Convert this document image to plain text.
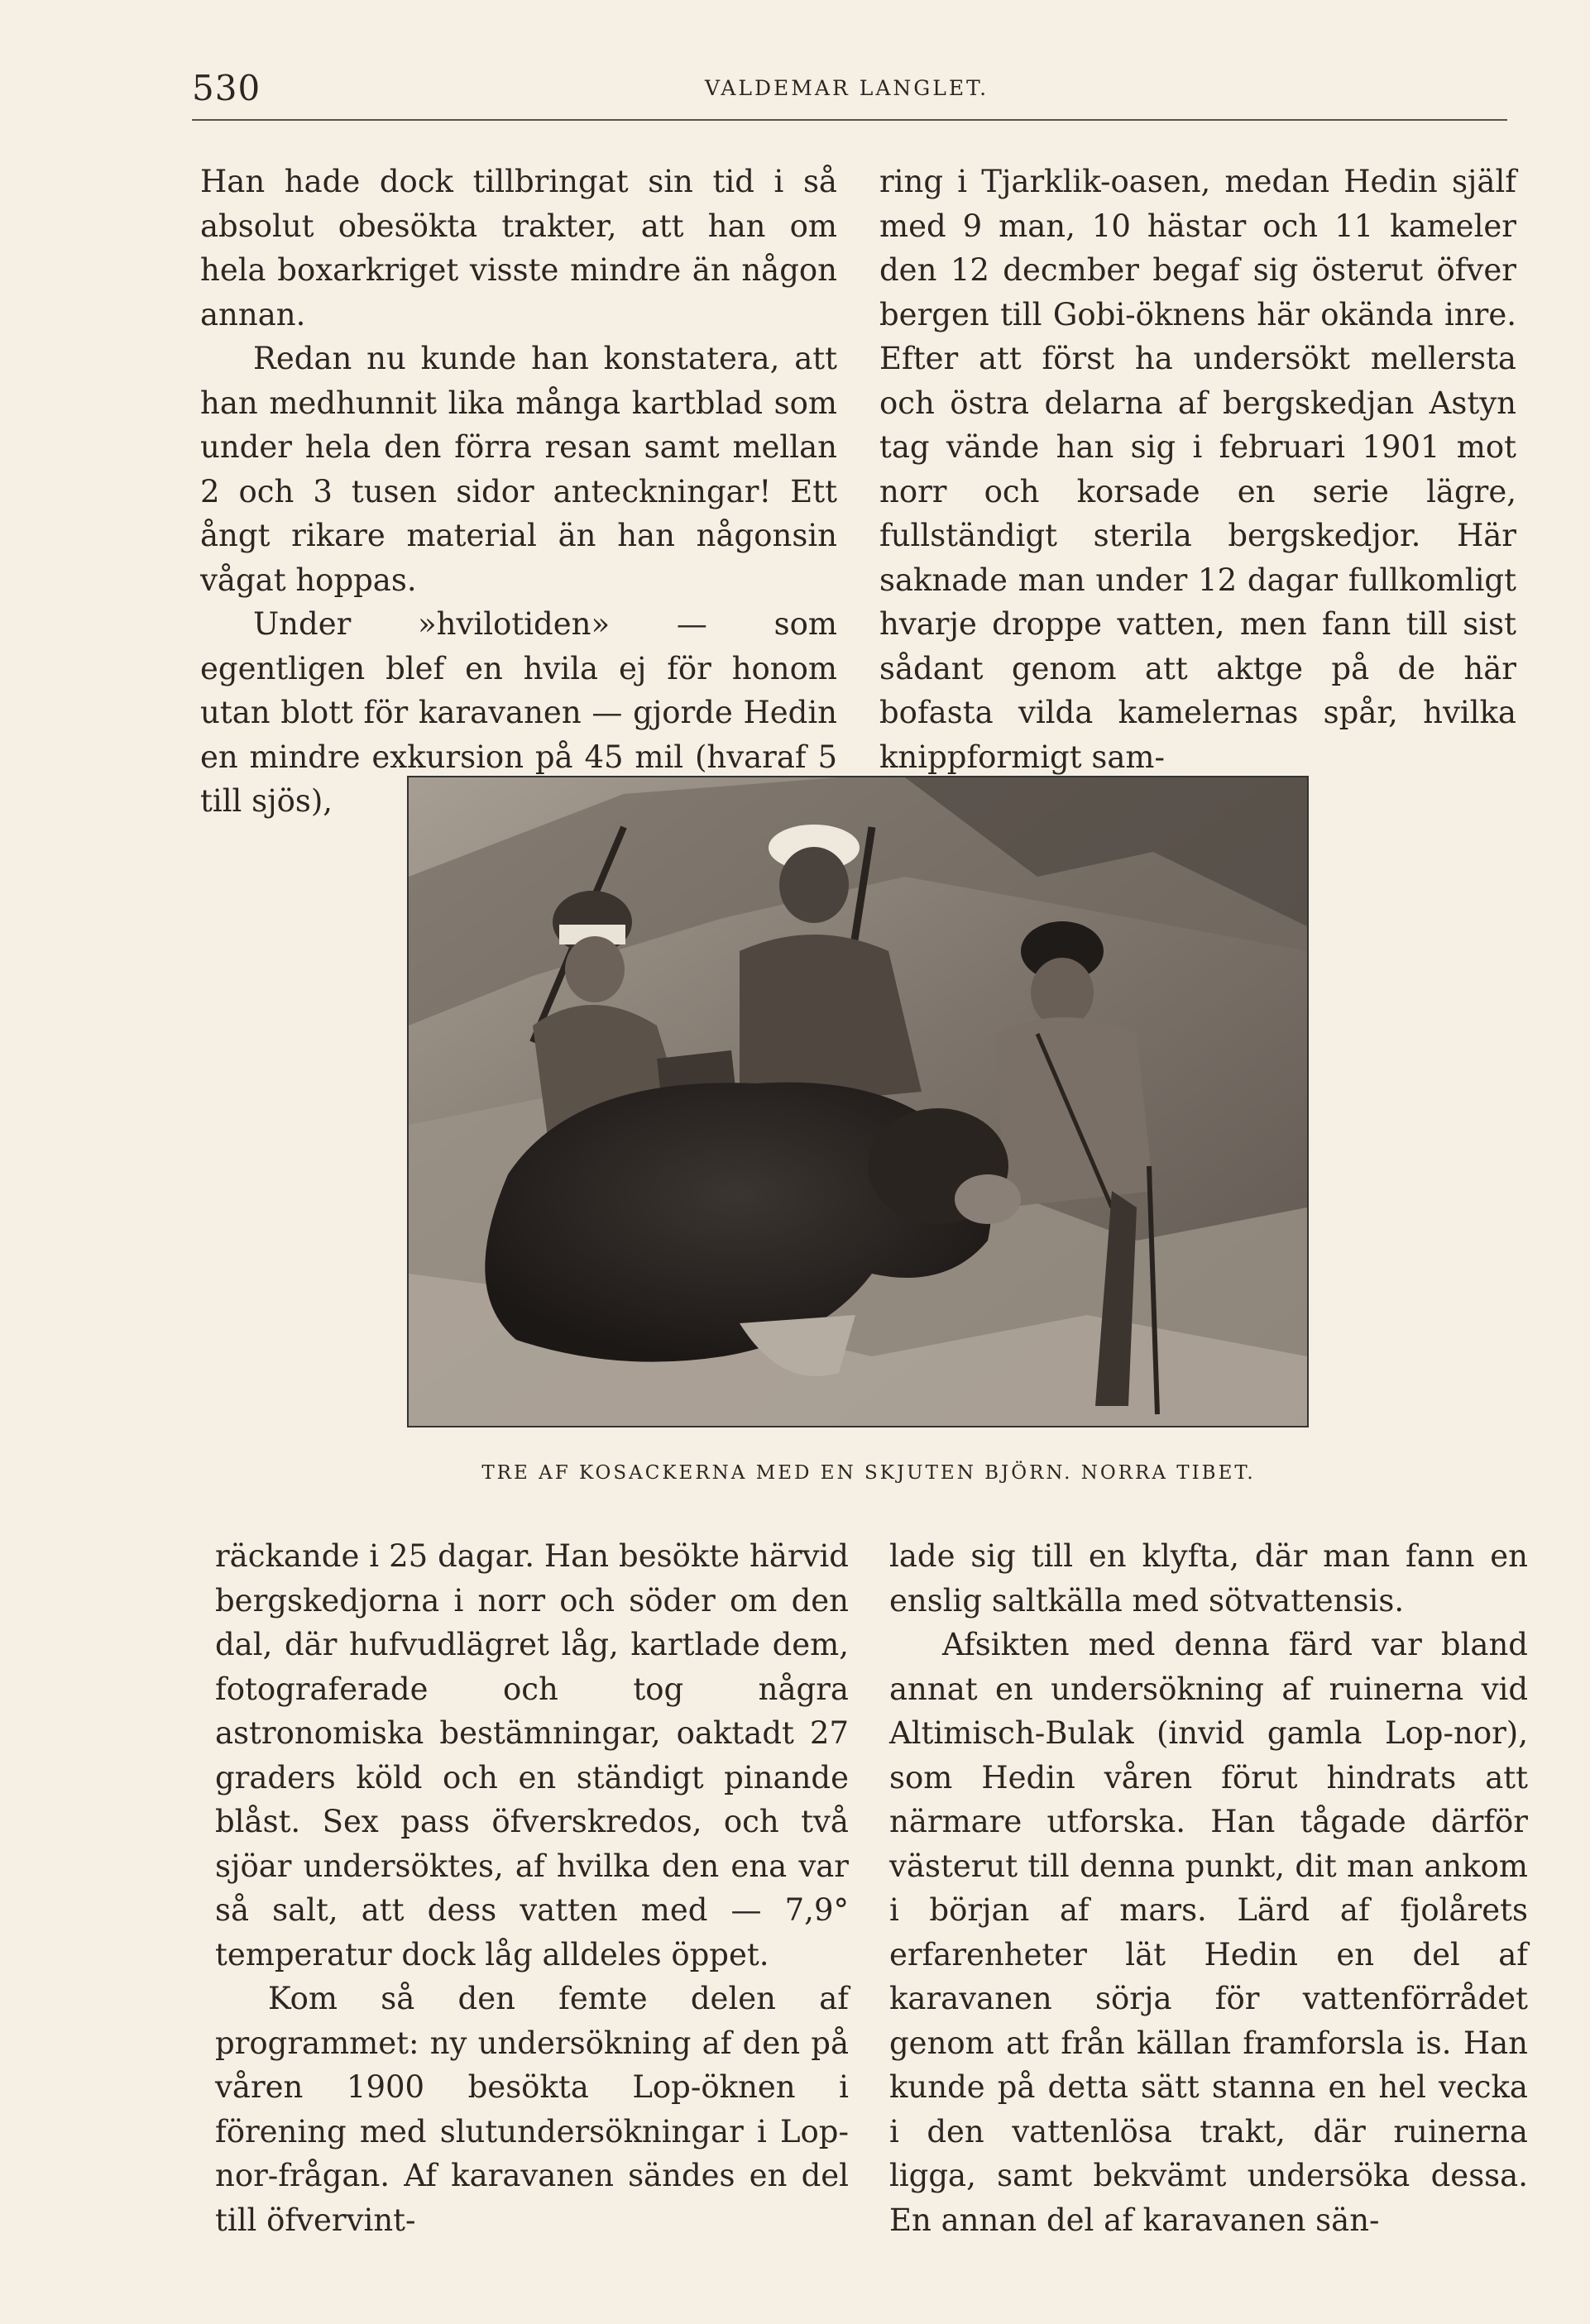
530	VALDEMAR LANGLET.

Han hade dock tillbringat sin tid i så absolut obesökta trakter, att han om hela boxarkriget visste mindre än någon annan.

Redan nu kunde han konstatera, att han medhunnit lika många kartblad som under hela den förra resan samt mellan 2 och 3 tusen sidor anteckningar! Ett ångt rikare material än han någonsin vågat hoppas.

Under »hvilotiden» — som egentligen blef en hvila ej för honom utan blott för karavanen — gjorde Hedin en mindre exkursion på 45 mil (hvaraf 5 till sjös),

ring i Tjarklik-oasen, medan Hedin själf med 9 man, 10 hästar och 11 kameler den 12 decmber begaf sig österut öfver bergen till Gobi-öknens här okända inre. Efter att först ha undersökt mellersta och östra delarna af bergskedjan Astyn tag vände han sig i februari 1901 mot norr och korsade en serie lägre, fullständigt sterila bergskedjor. Här saknade man under 12 dagar fullkomligt hvarje droppe vatten, men fann till sist sådant genom att aktge på de här bofasta vilda kamelernas spår, hvilka knippformigt sam-

TRE AF KOSACKERNA MED EN SKJUTEN BJÖRN. NORRA TIBET.

räckande i 25 dagar. Han besökte härvid bergskedjorna i norr och söder om den dal, där hufvudlägret låg, kartlade dem, fotograferade och tog några astronomiska bestämningar, oaktadt 27 graders köld och en ständigt pinande blåst. Sex pass öfverskredos, och två sjöar undersöktes, af hvilka den ena var så salt, att dess vatten med — 7,9° temperatur dock låg alldeles öppet.

Kom så den femte delen af programmet: ny undersökning af den på våren 1900 besökta Lop-öknen i förening med slutundersökningar i Lop-nor-frågan. Af karavanen sändes en del till öfvervint-

lade sig till en klyfta, där man fann en enslig saltkälla med sötvattensis.

Afsikten med denna färd var bland annat en undersökning af ruinerna vid Altimisch-Bulak (invid gamla Lop-nor), som Hedin våren förut hindrats att närmare utforska. Han tågade därför västerut till denna punkt, dit man ankom i början af mars. Lärd af fjolårets erfarenheter lät Hedin en del af karavanen sörja för vattenförrådet genom att från källan framforsla is. Han kunde på detta sätt stanna en hel vecka i den vattenlösa trakt, där ruinerna ligga, samt bekvämt undersöka dessa. En annan del af karavanen sän-
